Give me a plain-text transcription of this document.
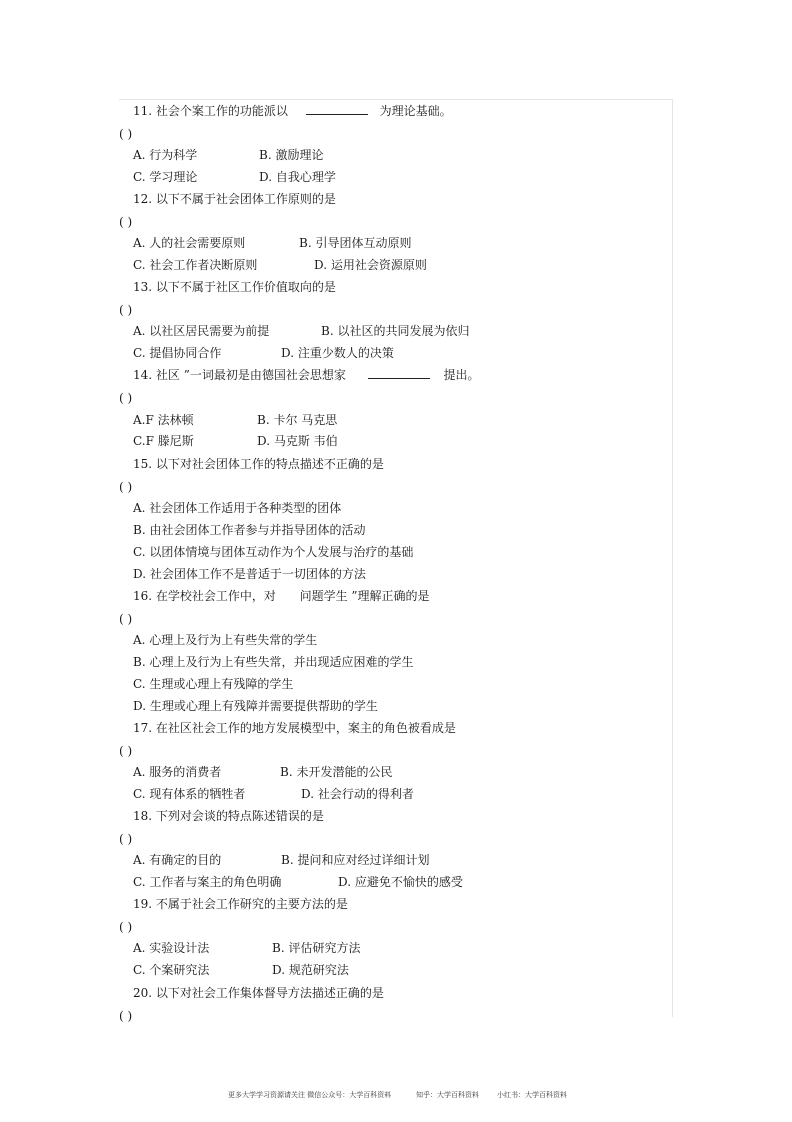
11. 社会个案工作的功能派以	为理论基础。
( )
A. 行为科学	B. 激励理论
C. 学习理论	D. 自我心理学
12. 以下不属于社会团体工作原则的是
( )
A. 人的社会需要原则	B. 引导团体互动原则
C. 社会工作者决断原则	D. 运用社会资源原则
13. 以下不属于社区工作价值取向的是
( )
A. 以社区居民需要为前提	B. 以社区的共同发展为依归
C. 提倡协同合作	D. 注重少数人的决策
14. 社区 ”一词最初是由德国社会思想家	提出。
( )
A.F 法林顿	B. 卡尔 马克思
C.F 滕尼斯	D. 马克斯 韦伯
15. 以下对社会团体工作的特点描述不正确的是
( )
A. 社会团体工作适用于各种类型的团体
B. 由社会团体工作者参与并指导团体的活动
C. 以团体情境与团体互动作为个人发展与治疗的基础
D. 社会团体工作不是普适于一切团体的方法
16. 在学校社会工作中，对 问题学生 ”理解正确的是
( )
A. 心理上及行为上有些失常的学生
B. 心理上及行为上有些失常，并出现适应困难的学生
C. 生理或心理上有残障的学生
D. 生理或心理上有残障并需要提供帮助的学生
17. 在社区社会工作的地方发展模型中，案主的角色被看成是
( )
A. 服务的消费者	B. 未开发潜能的公民
C. 现有体系的牺牲者	D. 社会行动的得利者
18. 下列对会谈的特点陈述错误的是
( )
A. 有确定的目的	B. 提问和应对经过详细计划
C. 工作者与案主的角色明确	D. 应避免不愉快的感受
19. 不属于社会工作研究的主要方法的是
( )
A. 实验设计法	B. 评估研究方法
C. 个案研究法	D. 规范研究法
20. 以下对社会工作集体督导方法描述正确的是
( )
更多大学学习资源请关注 微信公众号：大学百科资料	知乎：大学百科资料	小红书：大学百科资料
